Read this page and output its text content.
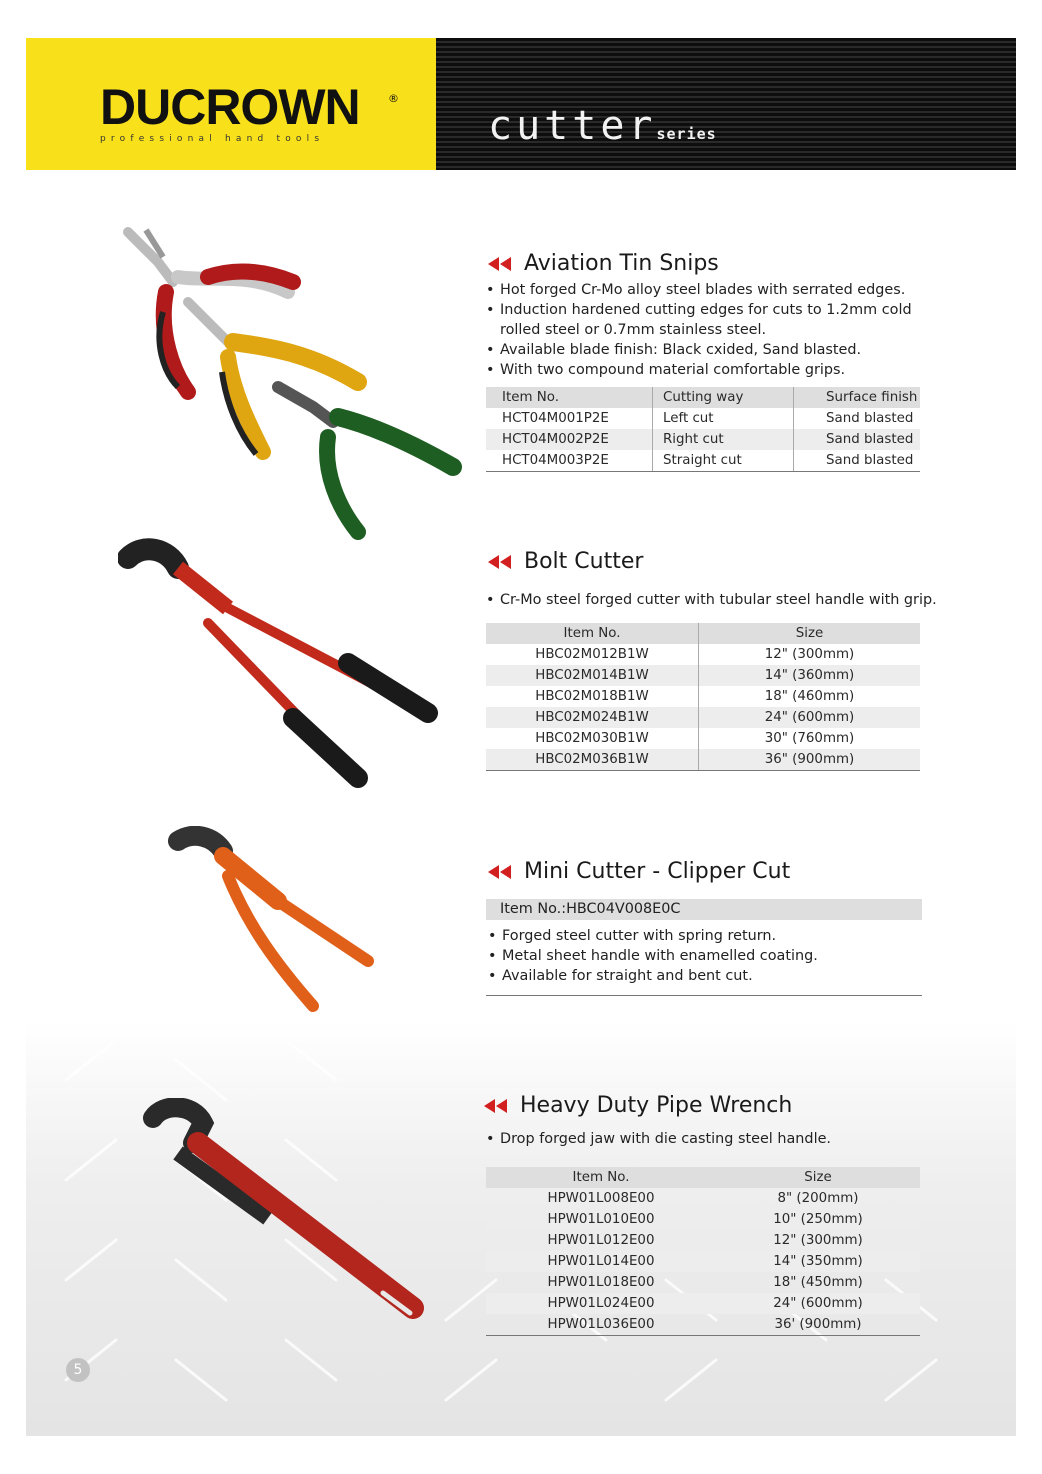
DUCROWN	®
professional hand tools	cutterseries
Aviation Tin Snips
• Hot forged Cr-Mo alloy steel blades with serrated edges.
• Induction hardened cutting edges for cuts to 1.2mm cold rolled steel or 0.7mm stainless steel.
• Available blade finish: Black cxided, Sand blasted.
• With two compound material comfortable grips.
Item No.	Cutting way	Surface finish
HCT04M001P2E	Left cut	Sand blasted
HCT04M002P2E	Right cut	Sand blasted
HCT04M003P2E	Straight cut	Sand blasted
Bolt Cutter
• Cr-Mo steel forged cutter with tubular steel handle with grip.
Item No.	Size
HBC02M012B1W	12" (300mm)
HBC02M014B1W	14" (360mm)
HBC02M018B1W	18" (460mm)
HBC02M024B1W	24" (600mm)
HBC02M030B1W	30" (760mm)
HBC02M036B1W	36" (900mm)
Mini Cutter - Clipper Cut
Item No.:HBC04V008E0C
• Forged steel cutter with spring return.
• Metal sheet handle with enamelled coating.
• Available for straight and bent cut.
Heavy Duty Pipe Wrench
• Drop forged jaw with die casting steel handle.
Item No.	Size
HPW01L008E00	8" (200mm)
HPW01L010E00	10" (250mm)
HPW01L012E00	12" (300mm)
HPW01L014E00	14" (350mm)
HPW01L018E00	18" (450mm)
HPW01L024E00	24" (600mm)
HPW01L036E00	36' (900mm)
5
